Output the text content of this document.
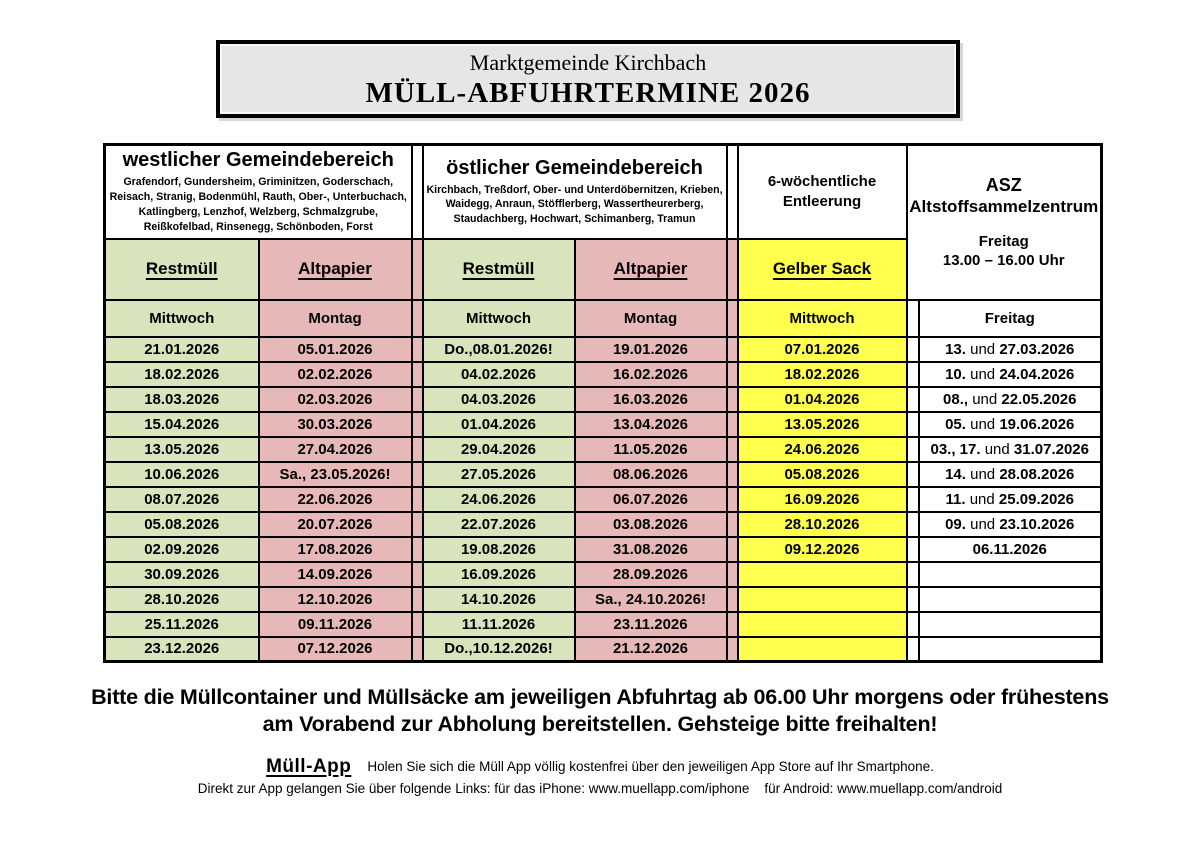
Marktgemeinde Kirchbach
MÜLL-ABFUHRTERMINE 2026
westlicher Gemeindebereich
Grafendorf, Gundersheim, Griminitzen, Goderschach, Reisach, Stranig, Bodenmühl, Rauth, Ober-, Unterbuchach, Katlingberg, Lenzhof, Welzberg, Schmalzgrube, Reißkofelbad, Rinsenegg, Schönboden, Forst

östlicher Gemeindebereich
Kirchbach, Treßdorf, Ober- und Unterdöbernitzen, Krieben, Waidegg, Anraun, Stöfflerberg, Wassertheurerberg, Staudachberg, Hochwart, Schimanberg, Tramun

6-wöchentliche
Entleerung

ASZ
Altstoffsammelzentrum
Freitag
13.00 – 16.00 Uhr

Restmüll	Altpapier		Restmüll	Altpapier		Gelber Sack		
Mittwoch	Montag		Mittwoch	Montag		Mittwoch		Freitag
21.01.2026	05.01.2026		Do.,08.01.2026!	19.01.2026		07.01.2026		13. und 27.03.2026
18.02.2026	02.02.2026		04.02.2026	16.02.2026		18.02.2026		10. und 24.04.2026
18.03.2026	02.03.2026		04.03.2026	16.03.2026		01.04.2026		08., und 22.05.2026
15.04.2026	30.03.2026		01.04.2026	13.04.2026		13.05.2026		05. und 19.06.2026
13.05.2026	27.04.2026		29.04.2026	11.05.2026		24.06.2026		03., 17. und 31.07.2026
10.06.2026	Sa., 23.05.2026!		27.05.2026	08.06.2026		05.08.2026		14. und 28.08.2026
08.07.2026	22.06.2026		24.06.2026	06.07.2026		16.09.2026		11. und 25.09.2026
05.08.2026	20.07.2026		22.07.2026	03.08.2026		28.10.2026		09. und 23.10.2026
02.09.2026	17.08.2026		19.08.2026	31.08.2026		09.12.2026		06.11.2026
30.09.2026	14.09.2026		16.09.2026	28.09.2026				
28.10.2026	12.10.2026		14.10.2026	Sa., 24.10.2026!				
25.11.2026	09.11.2026		11.11.2026	23.11.2026				
23.12.2026	07.12.2026		Do.,10.12.2026!	21.12.2026				
Bitte die Müllcontainer und Müllsäcke am jeweiligen Abfuhrtag ab 06.00 Uhr morgens oder frühestens am Vorabend zur Abholung bereitstellen. Gehsteige bitte freihalten!
Müll-App Holen Sie sich die Müll App völlig kostenfrei über den jeweiligen App Store auf Ihr Smartphone.
Direkt zur App gelangen Sie über folgende Links: für das iPhone: www.muellapp.com/iphone    für Android: www.muellapp.com/android
